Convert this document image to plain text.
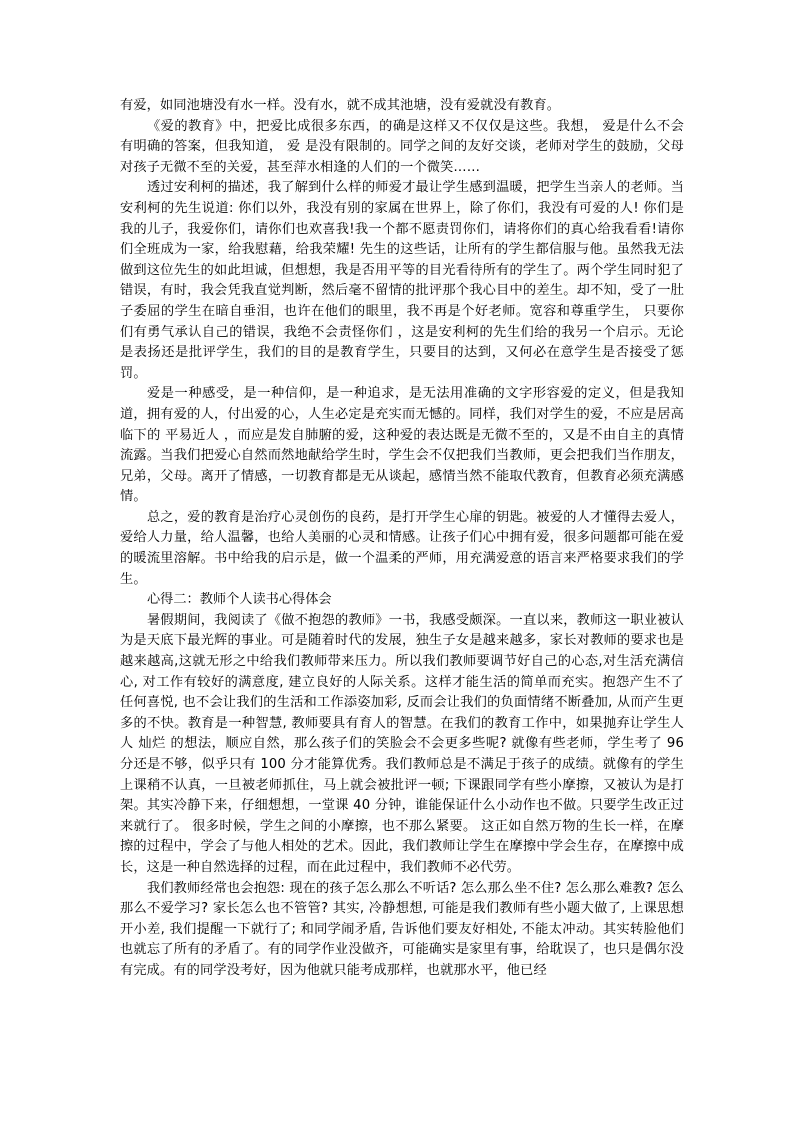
有爱，如同池塘没有水一样。没有水，就不成其池塘，没有爱就没有教育。

《爱的教育》中，把爱比成很多东西，的确是这样又不仅仅是这些。我想， 爱是什么不会有明确的答案，但我知道， 爱 是没有限制的。同学之间的友好交谈，老师对学生的鼓励，父母对孩子无微不至的关爱，甚至萍水相逢的人们的一个微笑……

透过安利柯的描述，我了解到什么样的师爱才最让学生感到温暖，把学生当亲人的老师。当安利柯的先生说道: 你们以外，我没有别的家属在世界上，除了你们，我没有可爱的人! 你们是我的儿子，我爱你们，请你们也欢喜我!我一个都不愿责罚你们，请将你们的真心给我看看!请你们全班成为一家，给我慰藉，给我荣耀! 先生的这些话，让所有的学生都信服与他。虽然我无法做到这位先生的如此坦诚，但想想，我是否用平等的目光看待所有的学生了。两个学生同时犯了错误，有时，我会凭我直觉判断，然后毫不留情的批评那个我心目中的差生。却不知，受了一肚子委屈的学生在暗自垂泪，也许在他们的眼里，我不再是个好老师。宽容和尊重学生， 只要你们有勇气承认自己的错误，我绝不会责怪你们 ，这是安利柯的先生们给的我另一个启示。无论是表扬还是批评学生，我们的目的是教育学生，只要目的达到，又何必在意学生是否接受了惩罚。

爱是一种感受，是一种信仰，是一种追求，是无法用准确的文字形容爱的定义，但是我知道，拥有爱的人，付出爱的心，人生必定是充实而无憾的。同样，我们对学生的爱，不应是居高临下的 平易近人 ，而应是发自肺腑的爱，这种爱的表达既是无微不至的，又是不由自主的真情流露。当我们把爱心自然而然地献给学生时，学生会不仅把我们当教师，更会把我们当作朋友，兄弟，父母。离开了情感，一切教育都是无从谈起，感情当然不能取代教育，但教育必须充满感情。

总之，爱的教育是治疗心灵创伤的良药，是打开学生心扉的钥匙。被爱的人才懂得去爱人，爱给人力量，给人温馨，也给人美丽的心灵和情感。让孩子们心中拥有爱，很多问题都可能在爱的暖流里溶解。书中给我的启示是，做一个温柔的严师，用充满爱意的语言来严格要求我们的学生。

心得二：教师个人读书心得体会

暑假期间，我阅读了《做不抱怨的教师》一书，我感受颇深。一直以来，教师这一职业被认为是天底下最光辉的事业。可是随着时代的发展，独生子女是越来越多，家长对教师的要求也是越来越高,这就无形之中给我们教师带来压力。所以我们教师要调节好自己的心态,对生活充满信心, 对工作有较好的满意度, 建立良好的人际关系。这样才能生活的简单而充实。抱怨产生不了任何喜悦, 也不会让我们的生活和工作添姿加彩, 反而会让我们的负面情绪不断叠加, 从而产生更多的不快。教育是一种智慧, 教师要具有育人的智慧。在我们的教育工作中，如果抛弃让学生人人 灿烂 的想法，顺应自然，那么孩子们的笑脸会不会更多些呢? 就像有些老师，学生考了 96 分还是不够，似乎只有 100 分才能算优秀。我们教师总是不满足于孩子的成绩。就像有的学生上课稍不认真，一旦被老师抓住，马上就会被批评一顿; 下课跟同学有些小摩擦，又被认为是打架。其实冷静下来，仔细想想，一堂课 40 分钟，谁能保证什么小动作也不做。只要学生改正过来就行了。 很多时候，学生之间的小摩擦，也不那么紧要。 这正如自然万物的生长一样，在摩擦的过程中，学会了与他人相处的艺术。因此，我们教师让学生在摩擦中学会生存，在摩擦中成长，这是一种自然选择的过程，而在此过程中，我们教师不必代劳。

我们教师经常也会抱怨: 现在的孩子怎么那么不听话? 怎么那么坐不住? 怎么那么难教? 怎么那么不爱学习? 家长怎么也不管管? 其实, 冷静想想, 可能是我们教师有些小题大做了, 上课思想开小差, 我们提醒一下就行了; 和同学闹矛盾, 告诉他们要友好相处, 不能太冲动。其实转脸他们也就忘了所有的矛盾了。有的同学作业没做齐，可能确实是家里有事，给耽误了，也只是偶尔没有完成。有的同学没考好，因为他就只能考成那样，也就那水平，他已经
